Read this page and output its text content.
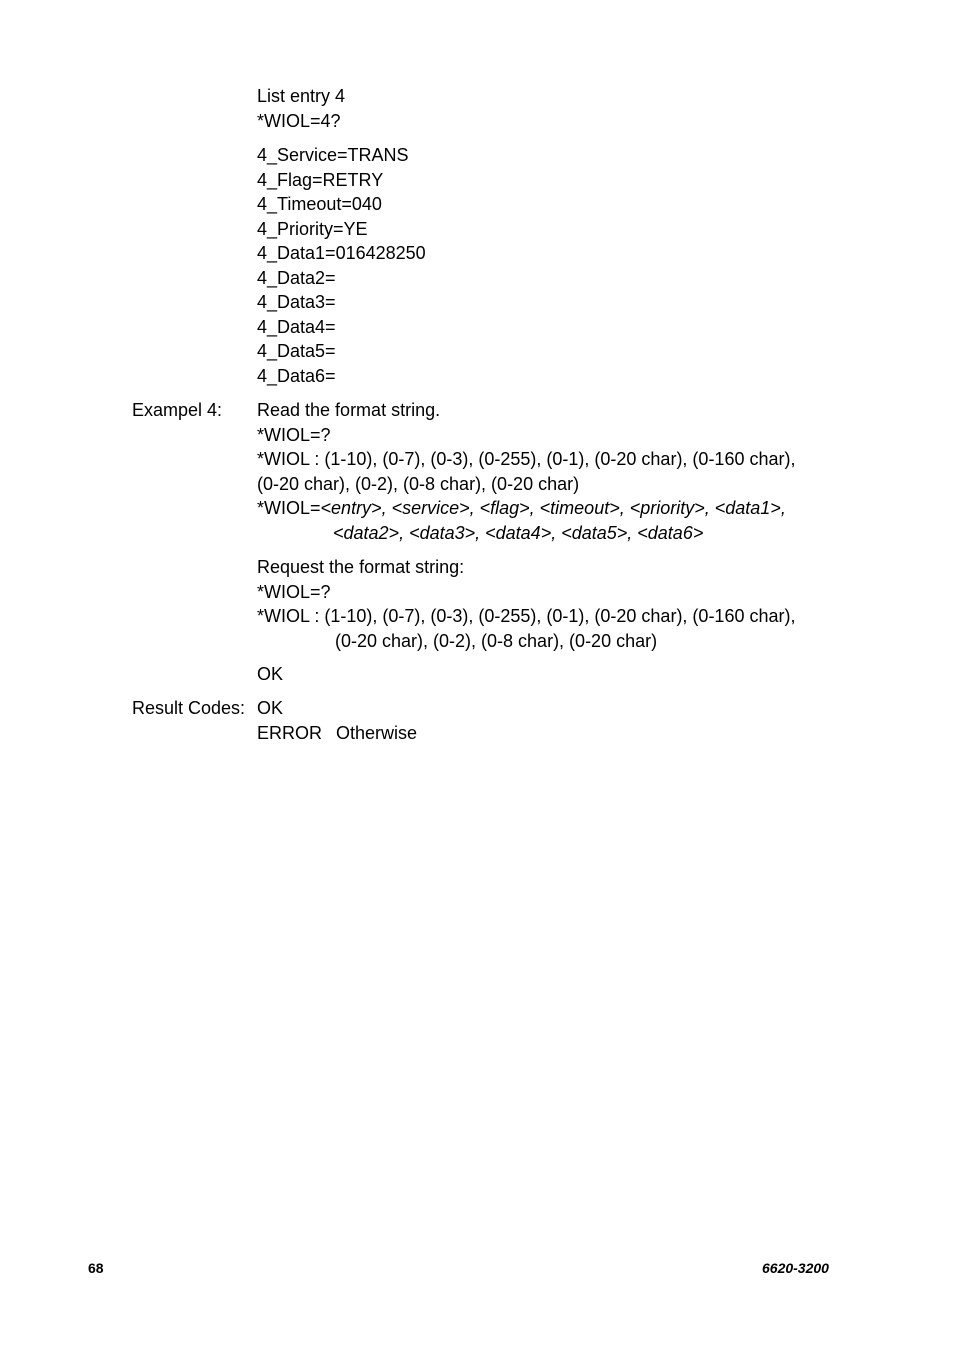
List entry 4
*WIOL=4?
4_Service=TRANS
4_Flag=RETRY
4_Timeout=040
4_Priority=YE
4_Data1=016428250
4_Data2=
4_Data3=
4_Data4=
4_Data5=
4_Data6=
Exampel 4: Read the format string.
*WIOL=?
*WIOL : (1-10), (0-7), (0-3), (0-255), (0-1), (0-20 char), (0-160 char),
(0-20 char), (0-2), (0-8 char), (0-20 char)
*WIOL=<entry>, <service>, <flag>, <timeout>, <priority>, <data1>,
<data2>, <data3>, <data4>, <data5>, <data6>
Request the format string:
*WIOL=?
*WIOL : (1-10), (0-7), (0-3), (0-255), (0-1), (0-20 char), (0-160 char),
(0-20 char), (0-2), (0-8 char), (0-20 char)
OK
Result Codes: OK
ERROR Otherwise
68	6620-3200
